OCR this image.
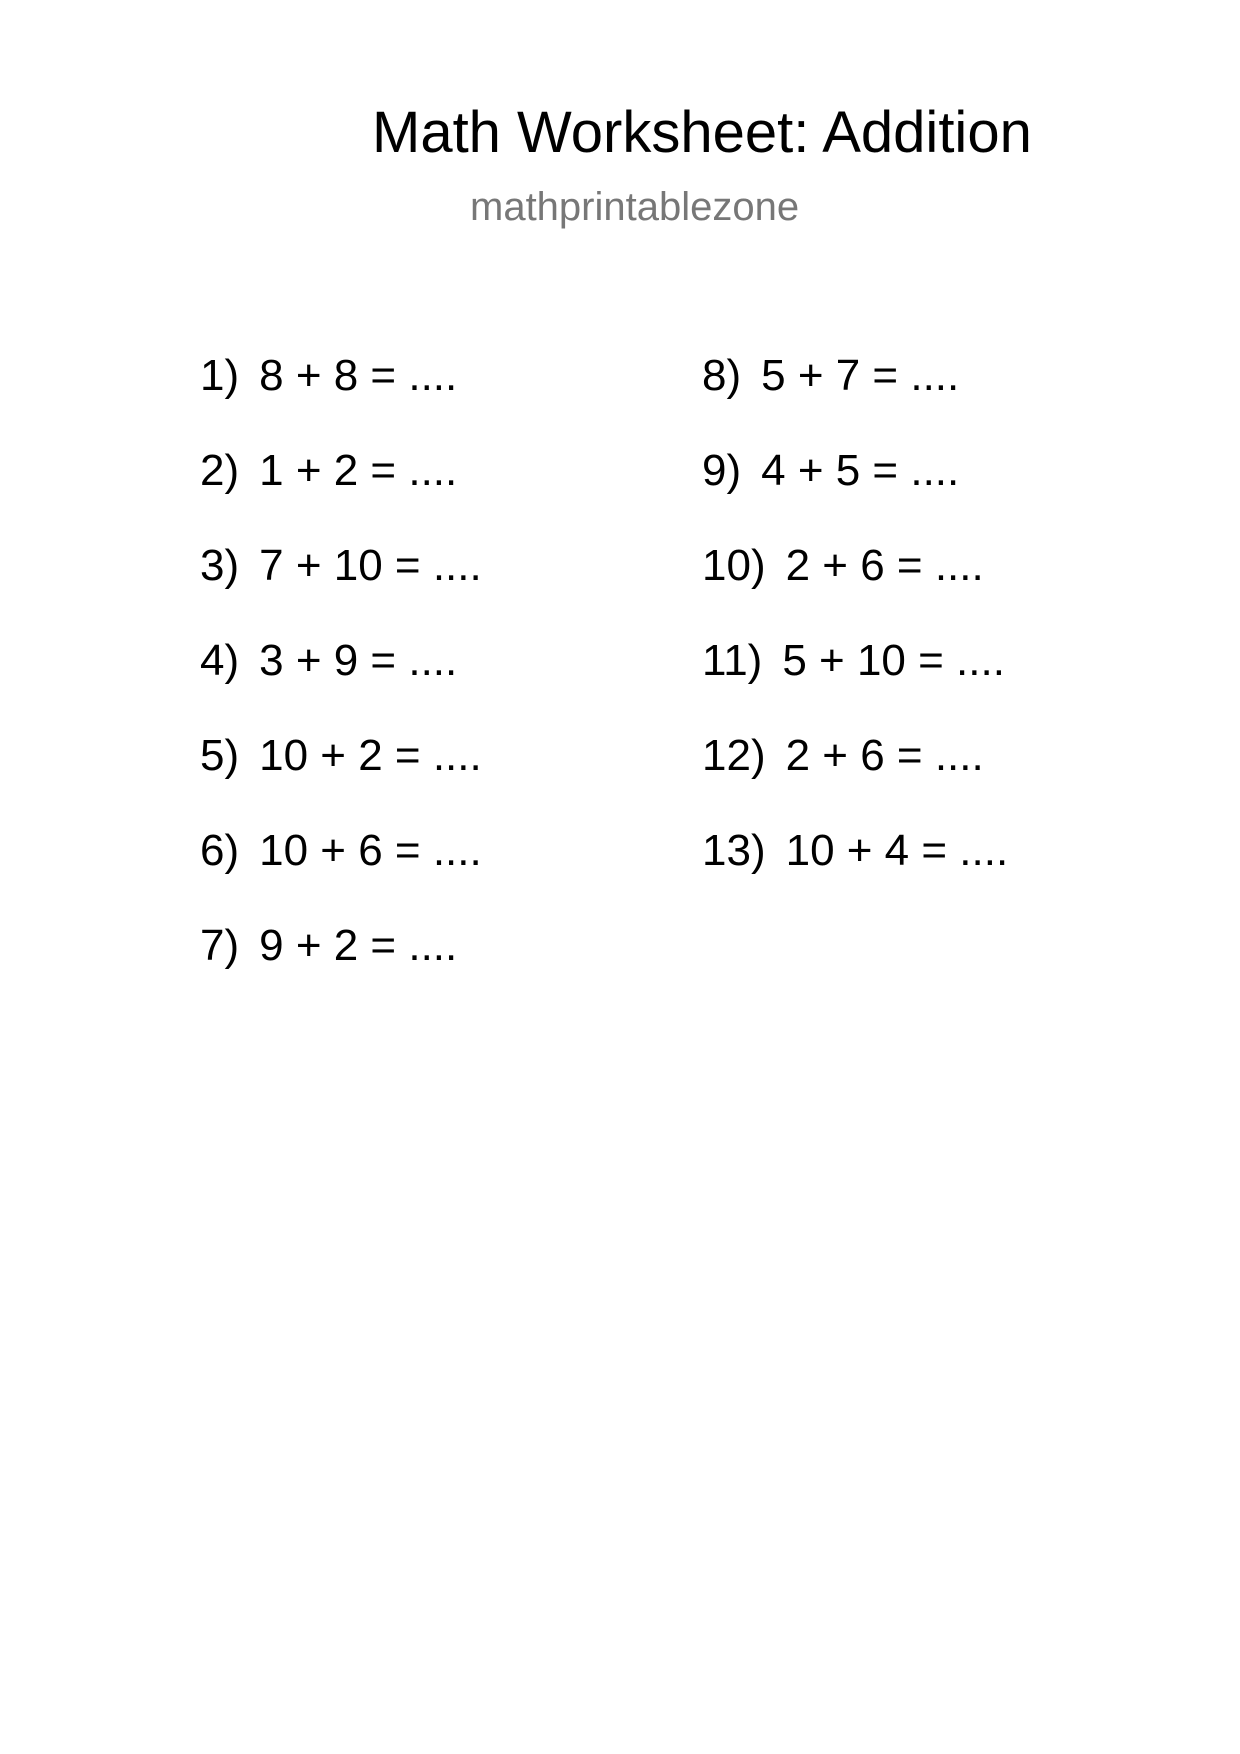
Math Worksheet: Addition
mathprintablezone
1) 8 + 8 = ....
2) 1 + 2 = ....
3) 7 + 10 = ....
4) 3 + 9 = ....
5) 10 + 2 = ....
6) 10 + 6 = ....
7) 9 + 2 = ....
8) 5 + 7 = ....
9) 4 + 5 = ....
10) 2 + 6 = ....
11) 5 + 10 = ....
12) 2 + 6 = ....
13) 10 + 4 = ....
